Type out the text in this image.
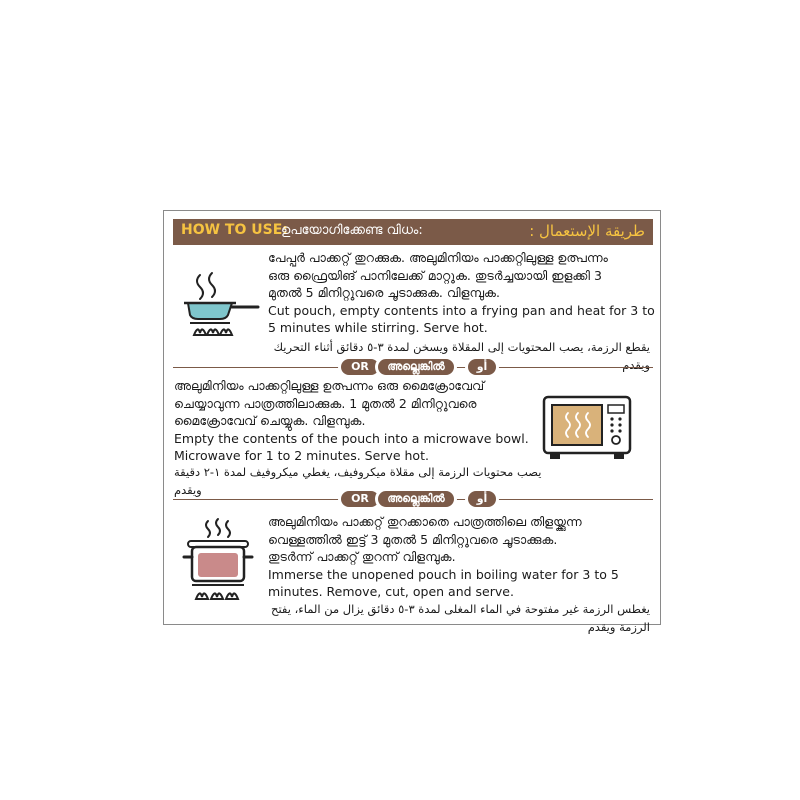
HOW TO USE:
ഉപയോഗിക്കേണ്ട വിധം:	طريقة الإستعمال :
പേപ്പർ പാക്കറ്റ് തുറക്കുക. അലുമിനിയം പാക്കറ്റിലുള്ള ഉത്പന്നം
ഒരു ഫ്രൈയിങ് പാനിലേക്ക് മാറ്റുക. തുടർച്ചയായി ഇളക്കി 3
മുതൽ 5 മിനിറ്റുവരെ ചൂടാക്കുക. വിളമ്പുക.
Cut pouch, empty contents into a frying pan and heat for 3 to
5 minutes while stirring. Serve hot.
يقطع الرزمة، يصب المحتويات إلى المقلاة ويسخن لمدة ٣-٥ دقائق أثناء التحريك ويقدم
OR	അല്ലെങ്കിൽ	أو
അലുമിനിയം പാക്കറ്റിലുള്ള ഉത്പന്നം ഒരു മൈക്രോവേവ്
ചെയ്യാവുന്ന പാത്രത്തിലാക്കുക. 1 മുതൽ 2 മിനിറ്റുവരെ
മൈക്രോവേവ് ചെയ്യുക. വിളമ്പുക.
Empty the contents of the pouch into a microwave bowl.
Microwave for 1 to 2 minutes. Serve hot.
يصب محتويات الرزمة إلى مقلاة ميكروفيف، يغطي ميكروفيف لمدة ١-٢ دقيقة ويقدم
OR	അല്ലെങ്കിൽ	أو
അലുമിനിയം പാക്കറ്റ് തുറക്കാതെ പാത്രത്തിലെ തിളയ്ക്കുന്ന
വെള്ളത്തിൽ ഇട്ട് 3 മുതൽ 5 മിനിറ്റുവരെ ചൂടാക്കുക.
തുടർന്ന് പാക്കറ്റ് തുറന്ന് വിളമ്പുക.
Immerse the unopened pouch in boiling water for 3 to 5
minutes. Remove, cut, open and serve.
يغطس الرزمة غير مفتوحة في الماء المغلى لمدة ٣-٥ دقائق يزال من الماء، يفتح الرزمة ويقدم
